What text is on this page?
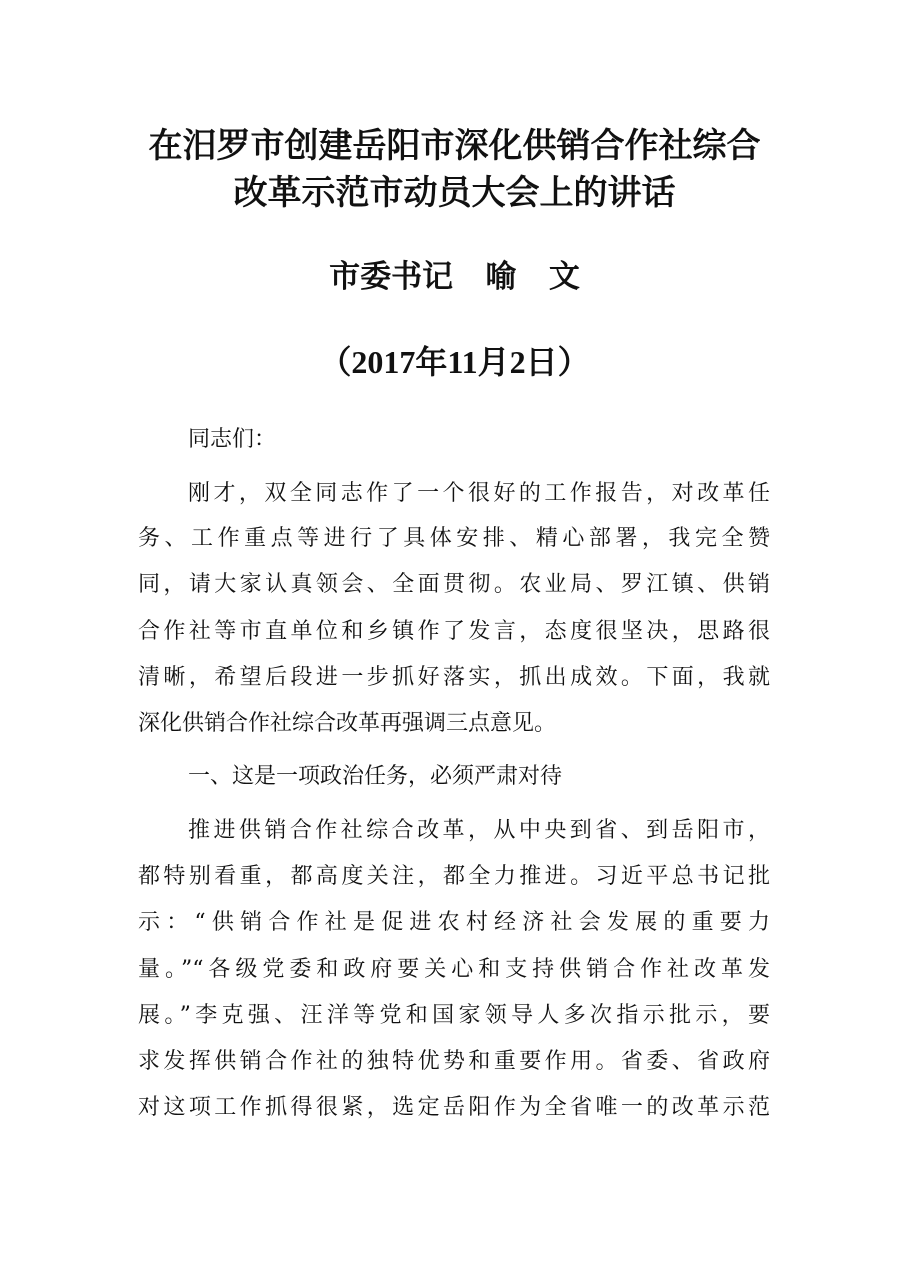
在汨罗市创建岳阳市深化供销合作社综合
改革示范市动员大会上的讲话
市委书记   喻   文
（2017年11月2日）
同志们：
刚才，双全同志作了一个很好的工作报告，对改革任
务、工作重点等进行了具体安排、精心部署，我完全赞
同，请大家认真领会、全面贯彻。农业局、罗江镇、供销
合作社等市直单位和乡镇作了发言，态度很坚决，思路很
清晰，希望后段进一步抓好落实，抓出成效。下面，我就
深化供销合作社综合改革再强调三点意见。
一、这是一项政治任务，必须严肃对待
推进供销合作社综合改革，从中央到省、到岳阳市，
都特别看重，都高度关注，都全力推进。习近平总书记批
示：“供销合作社是促进农村经济社会发展的重要力
量。”“各级党委和政府要关心和支持供销合作社改革发
展。”李克强、汪洋等党和国家领导人多次指示批示，要
求发挥供销合作社的独特优势和重要作用。省委、省政府
对这项工作抓得很紧，选定岳阳作为全省唯一的改革示范
